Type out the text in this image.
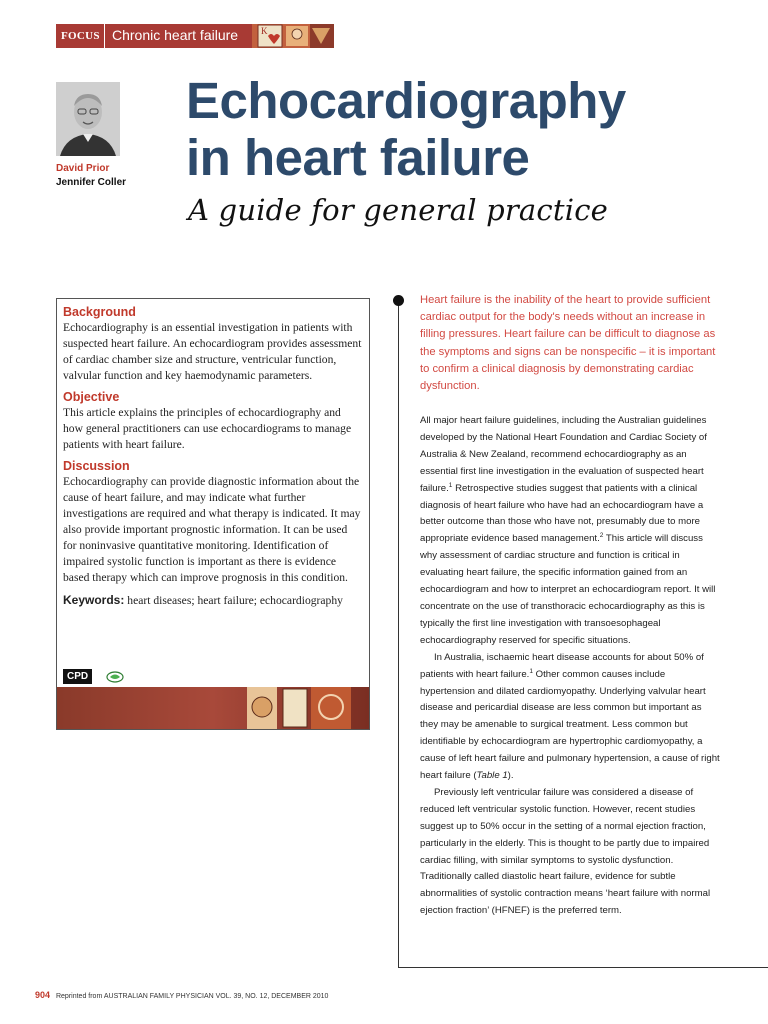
FOCUS Chronic heart failure	K
David Prior
Jennifer Coller
Echocardiography
in heart failure
A guide for general practice

Background

Echocardiography is an essential investigation in patients with suspected heart failure. An echocardiogram provides assessment of cardiac chamber size and structure, ventricular function, valvular function and key haemodynamic parameters.

Objective

This article explains the principles of echocardiography and how general practitioners can use echocardiograms to manage patients with heart failure.

Discussion

Echocardiography can provide diagnostic information about the cause of heart failure, and may indicate what further investigations are required and what therapy is indicated. It may also provide important prognostic information. It can be used for noninvasive quantitative monitoring. Identification of impaired systolic function is important as there is evidence based therapy which can improve prognosis in this condition.

Keywords: heart diseases; heart failure; echocardiography

CPD

Heart failure is the inability of the heart to provide sufficient cardiac output for the body's needs without an increase in filling pressures. Heart failure can be difficult to diagnose as the symptoms and signs can be nonspecific – it is important to confirm a clinical diagnosis by demonstrating cardiac dysfunction.

All major heart failure guidelines, including the Australian guidelines developed by the National Heart Foundation and Cardiac Society of Australia & New Zealand, recommend echocardiography as an essential first line investigation in the evaluation of suspected heart failure.$^1$ Retrospective studies suggest that patients with a clinical diagnosis of heart failure who have had an echocardiogram have a better outcome than those who have not, presumably due to more appropriate evidence based management.$^2$ This article will discuss why assessment of cardiac structure and function is critical in evaluating heart failure, the specific information gained from an echocardiogram and how to interpret an echocardiogram report. It will concentrate on the use of transthoracic echocardiography as this is typically the first line investigation with transoesophageal echocardiography reserved for specific situations.

In Australia, ischaemic heart disease accounts for about 50% of patients with heart failure.$^1$ Other common causes include hypertension and dilated cardiomyopathy. Underlying valvular heart disease and pericardial disease are less common but important as they may be amenable to surgical treatment. Less common but identifiable by echocardiogram are hypertrophic cardiomyopathy, a cause of left heart failure and pulmonary hypertension, a cause of right heart failure (Table 1).

Previously left ventricular failure was considered a disease of reduced left ventricular systolic function. However, recent studies suggest up to 50% occur in the setting of a normal ejection fraction, particularly in the elderly. This is thought to be partly due to impaired cardiac filling, with similar symptoms to systolic dysfunction. Traditionally called diastolic heart failure, evidence for subtle abnormalities of systolic contraction means ‘heart failure with normal ejection fraction’ (HFNEF) is the preferred term.

904 Reprinted from AUSTRALIAN FAMILY PHYSICIAN VOL. 39, NO. 12, DECEMBER 2010
